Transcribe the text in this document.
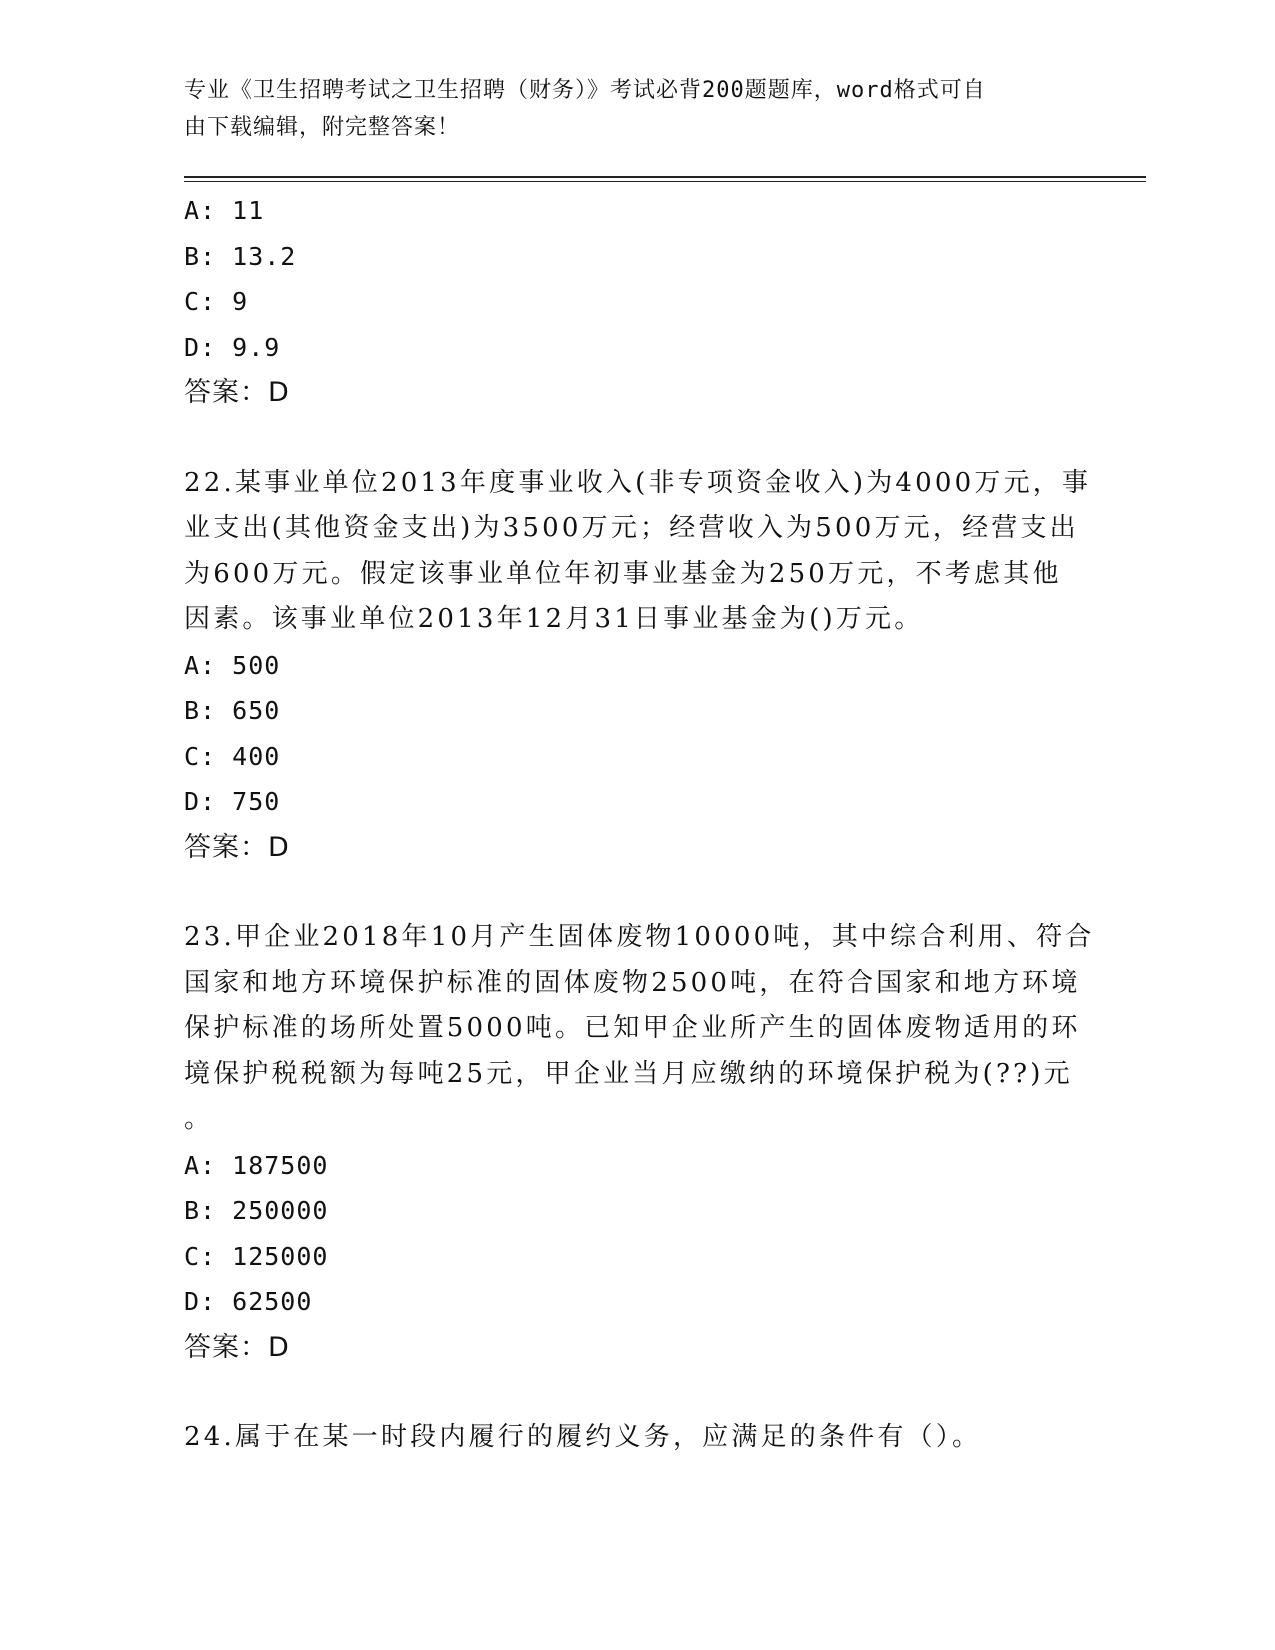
专业《卫生招聘考试之卫生招聘（财务）》考试必背200题题库，word格式可自
由下载编辑，附完整答案！
A: 11
B: 13.2
C: 9
D: 9.9
答案：D
22.某事业单位2013年度事业收入(非专项资金收入)为4000万元，事
业支出(其他资金支出)为3500万元；经营收入为500万元，经营支出
为600万元。假定该事业单位年初事业基金为250万元，不考虑其他
因素。该事业单位2013年12月31日事业基金为()万元。
A: 500
B: 650
C: 400
D: 750
答案：D
23.甲企业2018年10月产生固体废物10000吨，其中综合利用、符合
国家和地方环境保护标准的固体废物2500吨，在符合国家和地方环境
保护标准的场所处置5000吨。已知甲企业所产生的固体废物适用的环
境保护税税额为每吨25元，甲企业当月应缴纳的环境保护税为(??)元
。
A: 187500
B: 250000
C: 125000
D: 62500
答案：D
24.属于在某一时段内履行的履约义务，应满足的条件有（）。
